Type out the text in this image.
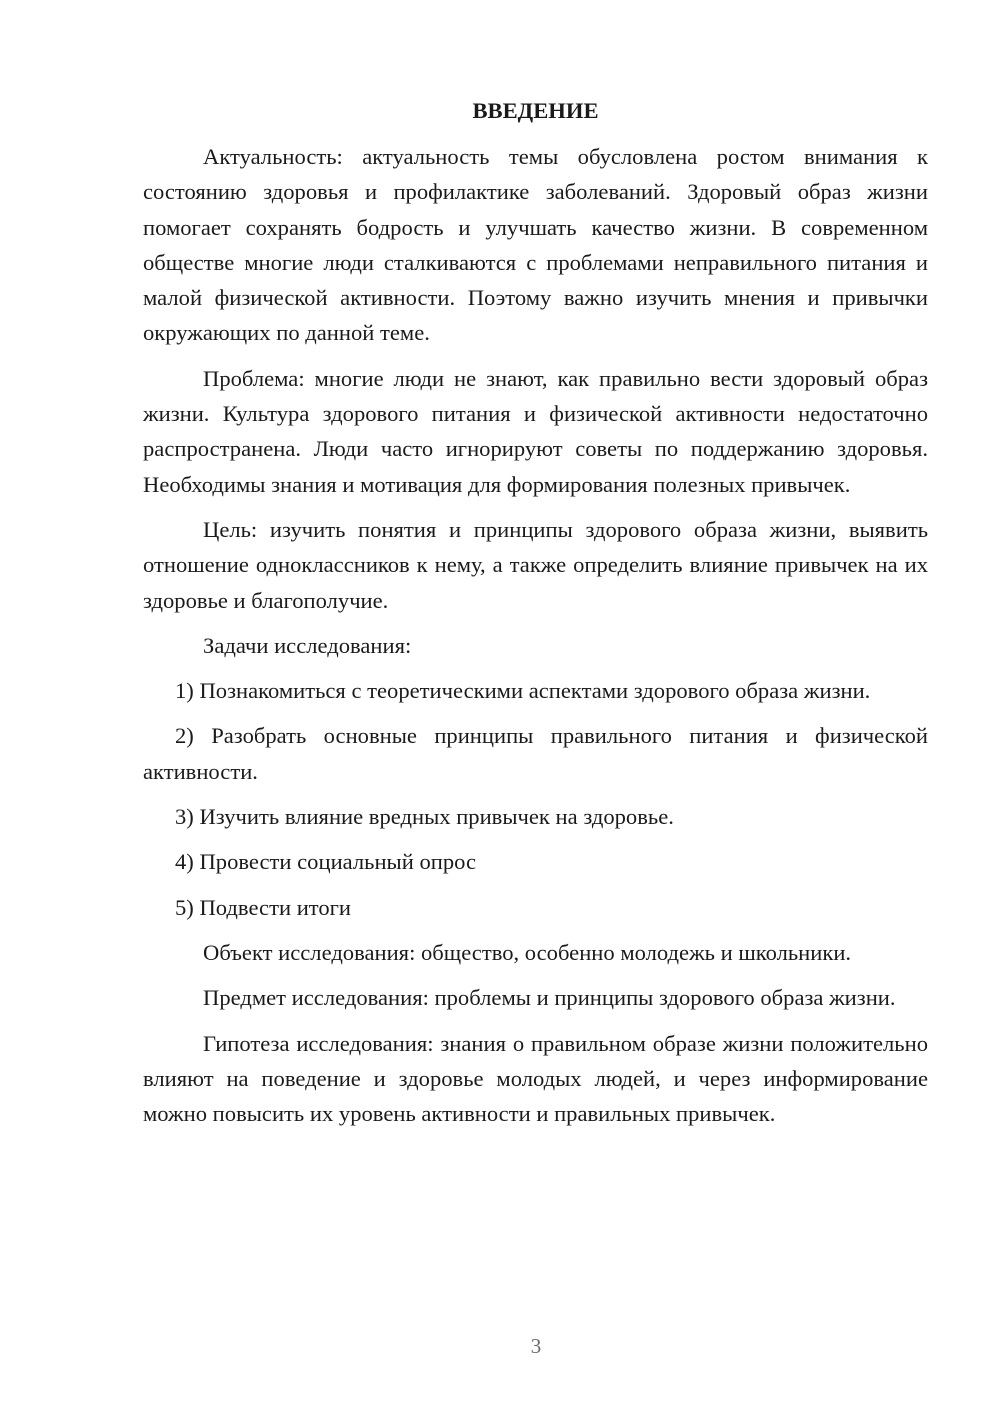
ВВЕДЕНИЕ

Актуальность: актуальность темы обусловлена ростом внимания к состоянию здоровья и профилактике заболеваний. Здоровый образ жизни помогает сохранять бодрость и улучшать качество жизни. В современном обществе многие люди сталкиваются с проблемами неправильного питания и малой физической активности. Поэтому важно изучить мнения и привычки окружающих по данной теме.

Проблема: многие люди не знают, как правильно вести здоровый образ жизни. Культура здорового питания и физической активности недостаточно распространена. Люди часто игнорируют советы по поддержанию здоровья. Необходимы знания и мотивация для формирования полезных привычек.

Цель: изучить понятия и принципы здорового образа жизни, выявить отношение одноклассников к нему, а также определить влияние привычек на их здоровье и благополучие.

Задачи исследования:

1) Познакомиться с теоретическими аспектами здорового образа жизни.

2) Разобрать основные принципы правильного питания и физической активности.

3) Изучить влияние вредных привычек на здоровье.

4) Провести социальный опрос

5) Подвести итоги

Объект исследования: общество, особенно молодежь и школьники.

Предмет исследования: проблемы и принципы здорового образа жизни.

Гипотеза исследования: знания о правильном образе жизни положительно влияют на поведение и здоровье молодых людей, и через информирование можно повысить их уровень активности и правильных привычек.

3
